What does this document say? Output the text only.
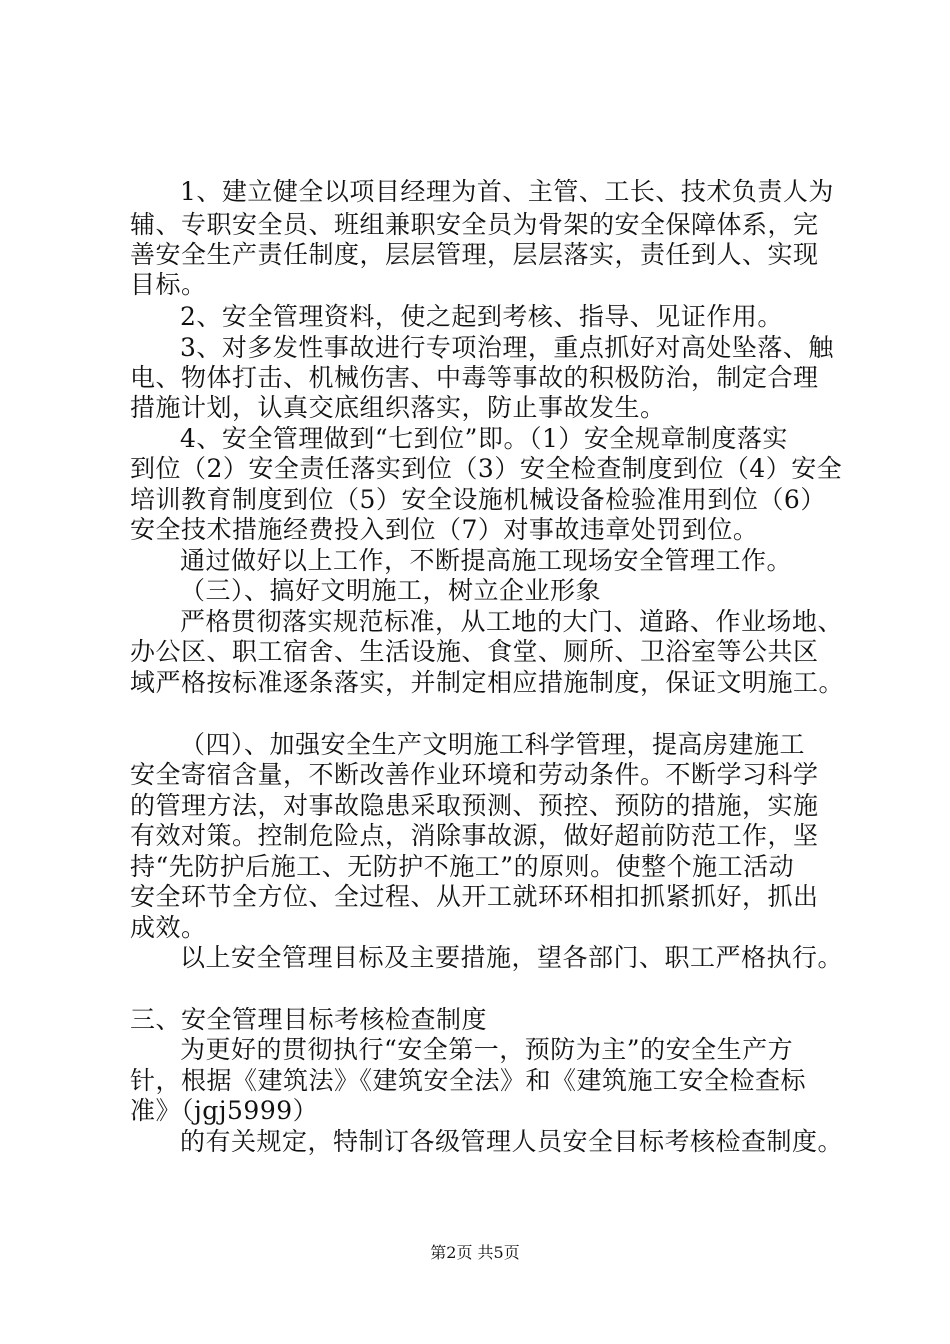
1、建立健全以项目经理为首、主管、工长、技术负责人为
辅、专职安全员、班组兼职安全员为骨架的安全保障体系，完
善安全生产责任制度，层层管理，层层落实，责任到人、实现
目标。
2、安全管理资料，使之起到考核、指导、见证作用。
3、对多发性事故进行专项治理，重点抓好对高处坠落、触
电、物体打击、机械伤害、中毒等事故的积极防治，制定合理
措施计划，认真交底组织落实，防止事故发生。
4、安全管理做到“七到位”即。（1）安全规章制度落实
到位（2）安全责任落实到位（3）安全检查制度到位（4）安全
培训教育制度到位（5）安全设施机械设备检验准用到位（6）
安全技术措施经费投入到位（7）对事故违章处罚到位。
通过做好以上工作，不断提高施工现场安全管理工作。
（三）、搞好文明施工，树立企业形象
严格贯彻落实规范标准，从工地的大门、道路、作业场地、
办公区、职工宿舍、生活设施、食堂、厕所、卫浴室等公共区
域严格按标准逐条落实，并制定相应措施制度，保证文明施工。
（四）、加强安全生产文明施工科学管理，提高房建施工
安全寄宿含量，不断改善作业环境和劳动条件。不断学习科学
的管理方法，对事故隐患采取预测、预控、预防的措施，实施
有效对策。控制危险点，消除事故源，做好超前防范工作，坚
持“先防护后施工、无防护不施工”的原则。使整个施工活动
安全环节全方位、全过程、从开工就环环相扣抓紧抓好，抓出
成效。
以上安全管理目标及主要措施，望各部门、职工严格执行。
三、安全管理目标考核检查制度
为更好的贯彻执行“安全第一，预防为主”的安全生产方
针，根据《建筑法》《建筑安全法》和《建筑施工安全检查标
准》（jgj5999）
的有关规定，特制订各级管理人员安全目标考核检查制度。
第2页 共5页
